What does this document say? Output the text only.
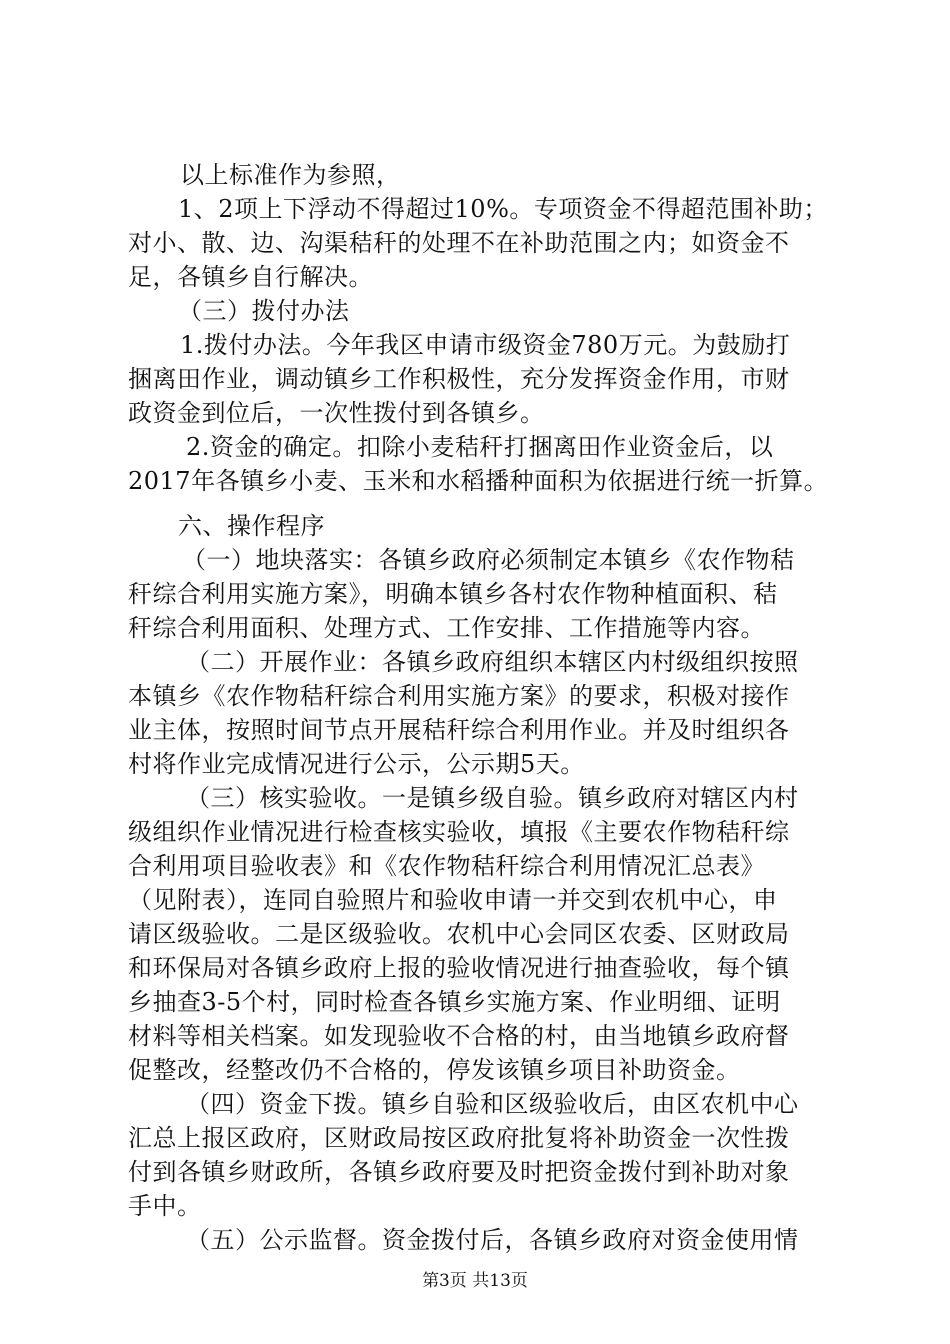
以上标准作为参照，
1、2项上下浮动不得超过10%。专项资金不得超范围补助；
对小、散、边、沟渠秸秆的处理不在补助范围之内；如资金不
足，各镇乡自行解决。
（三）拨付办法
1.拨付办法。今年我区申请市级资金780万元。为鼓励打
捆离田作业，调动镇乡工作积极性，充分发挥资金作用，市财
政资金到位后，一次性拨付到各镇乡。
2.资金的确定。扣除小麦秸秆打捆离田作业资金后，以
2017年各镇乡小麦、玉米和水稻播种面积为依据进行统一折算。
六、操作程序
（一）地块落实：各镇乡政府必须制定本镇乡《农作物秸
秆综合利用实施方案》，明确本镇乡各村农作物种植面积、秸
秆综合利用面积、处理方式、工作安排、工作措施等内容。
（二）开展作业：各镇乡政府组织本辖区内村级组织按照
本镇乡《农作物秸秆综合利用实施方案》的要求，积极对接作
业主体，按照时间节点开展秸秆综合利用作业。并及时组织各
村将作业完成情况进行公示，公示期5天。
（三）核实验收。一是镇乡级自验。镇乡政府对辖区内村
级组织作业情况进行检查核实验收，填报《主要农作物秸秆综
合利用项目验收表》和《农作物秸秆综合利用情况汇总表》
（见附表），连同自验照片和验收申请一并交到农机中心，申
请区级验收。二是区级验收。农机中心会同区农委、区财政局
和环保局对各镇乡政府上报的验收情况进行抽查验收，每个镇
乡抽查3-5个村，同时检查各镇乡实施方案、作业明细、证明
材料等相关档案。如发现验收不合格的村，由当地镇乡政府督
促整改，经整改仍不合格的，停发该镇乡项目补助资金。
（四）资金下拨。镇乡自验和区级验收后，由区农机中心
汇总上报区政府，区财政局按区政府批复将补助资金一次性拨
付到各镇乡财政所，各镇乡政府要及时把资金拨付到补助对象
手中。
（五）公示监督。资金拨付后，各镇乡政府对资金使用情
第3页 共13页
